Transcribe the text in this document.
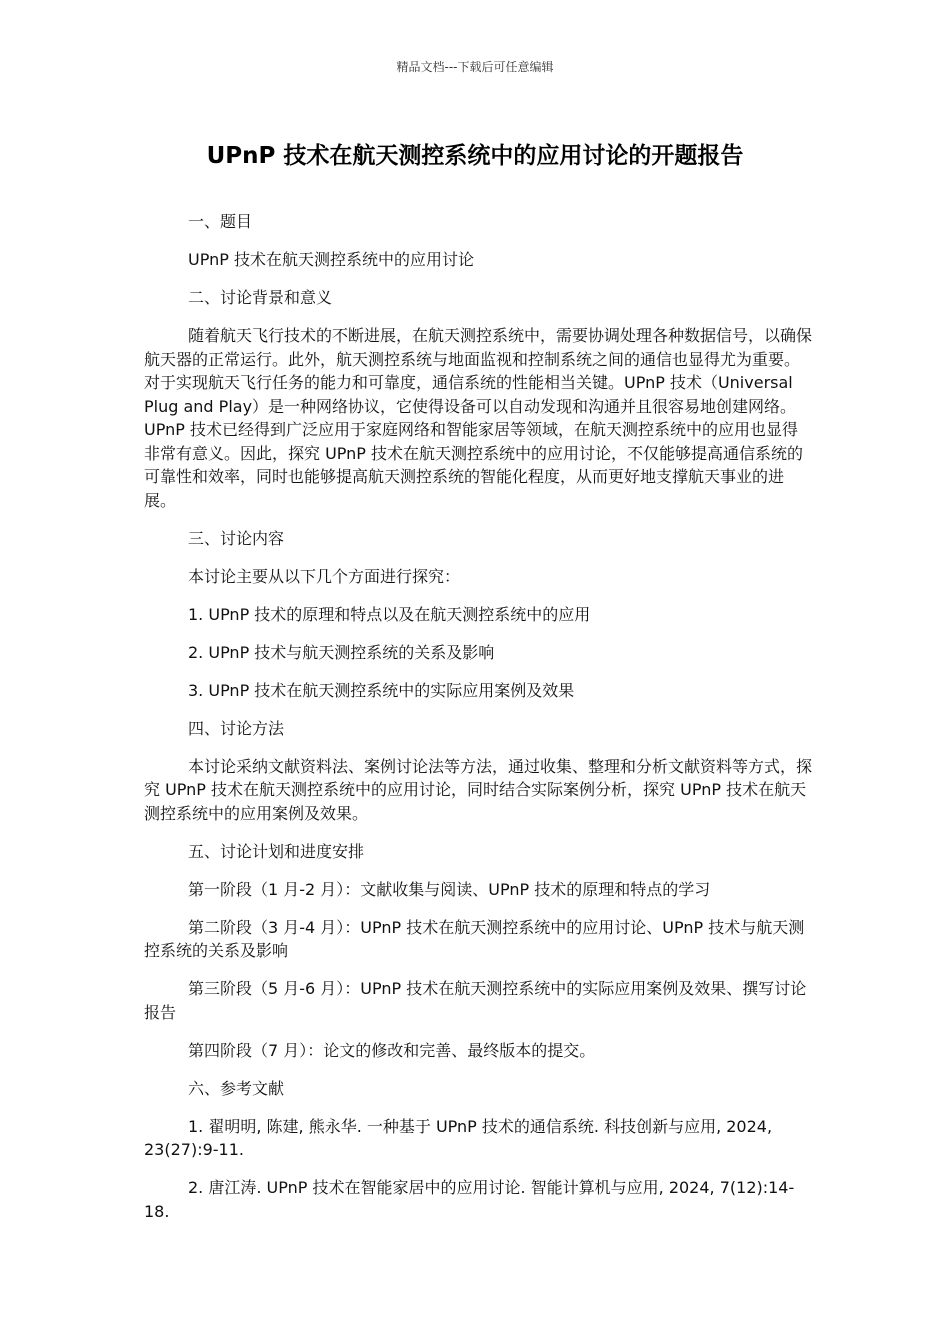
精品文档---下载后可任意编辑
UPnP 技术在航天测控系统中的应用讨论的开题报告

一、题目

UPnP 技术在航天测控系统中的应用讨论

二、讨论背景和意义

随着航天飞行技术的不断进展，在航天测控系统中，需要协调处理各种数据信号，以确保航天器的正常运行。此外，航天测控系统与地面监视和控制系统之间的通信也显得尤为重要。对于实现航天飞行任务的能力和可靠度，通信系统的性能相当关键。UPnP 技术（Universal Plug and Play）是一种网络协议，它使得设备可以自动发现和沟通并且很容易地创建网络。UPnP 技术已经得到广泛应用于家庭网络和智能家居等领域，在航天测控系统中的应用也显得非常有意义。因此，探究 UPnP 技术在航天测控系统中的应用讨论，不仅能够提高通信系统的可靠性和效率，同时也能够提高航天测控系统的智能化程度，从而更好地支撑航天事业的进展。

三、讨论内容

本讨论主要从以下几个方面进行探究：

1. UPnP 技术的原理和特点以及在航天测控系统中的应用

2. UPnP 技术与航天测控系统的关系及影响

3. UPnP 技术在航天测控系统中的实际应用案例及效果

四、讨论方法

本讨论采纳文献资料法、案例讨论法等方法，通过收集、整理和分析文献资料等方式，探究 UPnP 技术在航天测控系统中的应用讨论，同时结合实际案例分析，探究 UPnP 技术在航天测控系统中的应用案例及效果。

五、讨论计划和进度安排

第一阶段（1 月-2 月）：文献收集与阅读、UPnP 技术的原理和特点的学习

第二阶段（3 月-4 月）：UPnP 技术在航天测控系统中的应用讨论、UPnP 技术与航天测控系统的关系及影响

第三阶段（5 月-6 月）：UPnP 技术在航天测控系统中的实际应用案例及效果、撰写讨论报告

第四阶段（7 月）：论文的修改和完善、最终版本的提交。

六、参考文献

1. 翟明明, 陈建, 熊永华. 一种基于 UPnP 技术的通信系统. 科技创新与应用, 2024, 23(27):9-11.

2. 唐江涛. UPnP 技术在智能家居中的应用讨论. 智能计算机与应用, 2024, 7(12):14-18.
